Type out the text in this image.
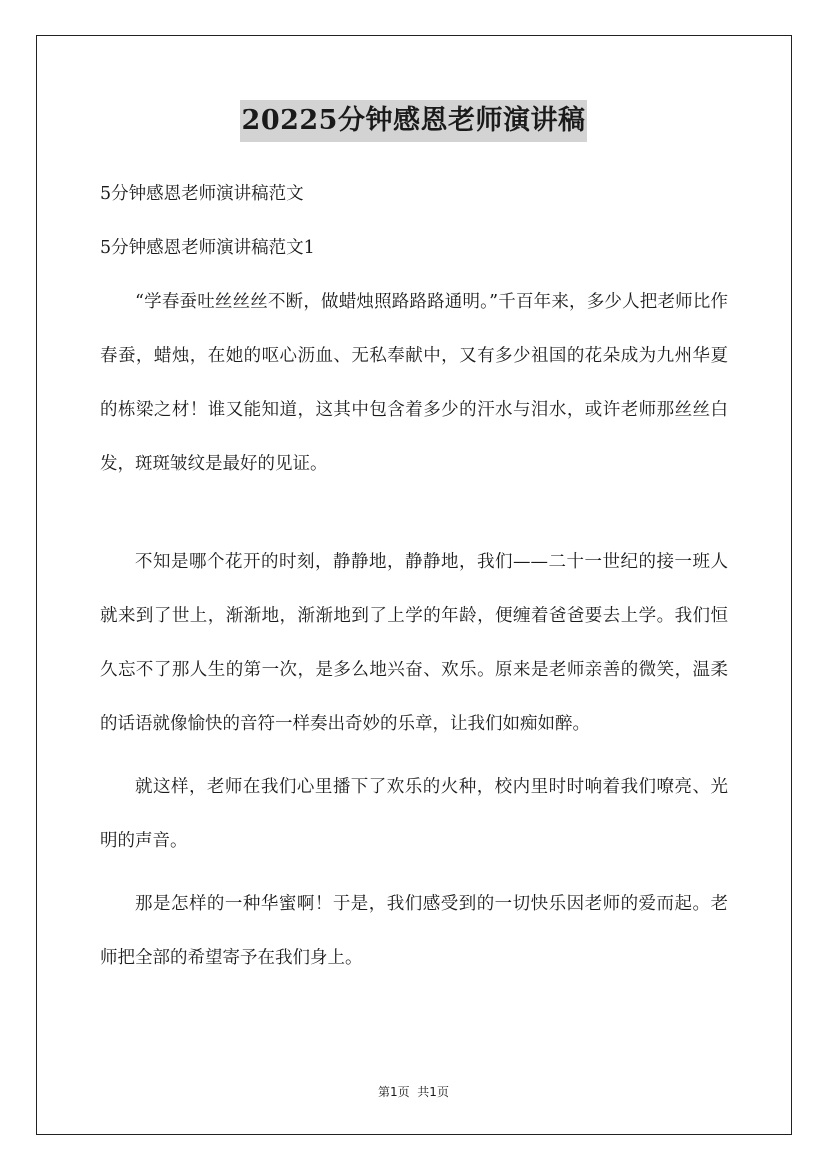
20225分钟感恩老师演讲稿
5分钟感恩老师演讲稿范文
5分钟感恩老师演讲稿范文1

“学春蚕吐丝丝丝不断，做蜡烛照路路路通明。”千百年来，多少人把老师比作春蚕，蜡烛，在她的呕心沥血、无私奉献中，又有多少祖国的花朵成为九州华夏的栋梁之材！谁又能知道，这其中包含着多少的汗水与泪水，或许老师那丝丝白发，斑斑皱纹是最好的见证。

不知是哪个花开的时刻，静静地，静静地，我们——二十一世纪的接一班人就来到了世上，渐渐地，渐渐地到了上学的年龄，便缠着爸爸要去上学。我们恒久忘不了那人生的第一次，是多么地兴奋、欢乐。原来是老师亲善的微笑，温柔的话语就像愉快的音符一样奏出奇妙的乐章，让我们如痴如醉。

就这样，老师在我们心里播下了欢乐的火种，校内里时时响着我们嘹亮、光明的声音。

那是怎样的一种华蜜啊！于是，我们感受到的一切快乐因老师的爱而起。老师把全部的希望寄予在我们身上。

第1页  共1页
